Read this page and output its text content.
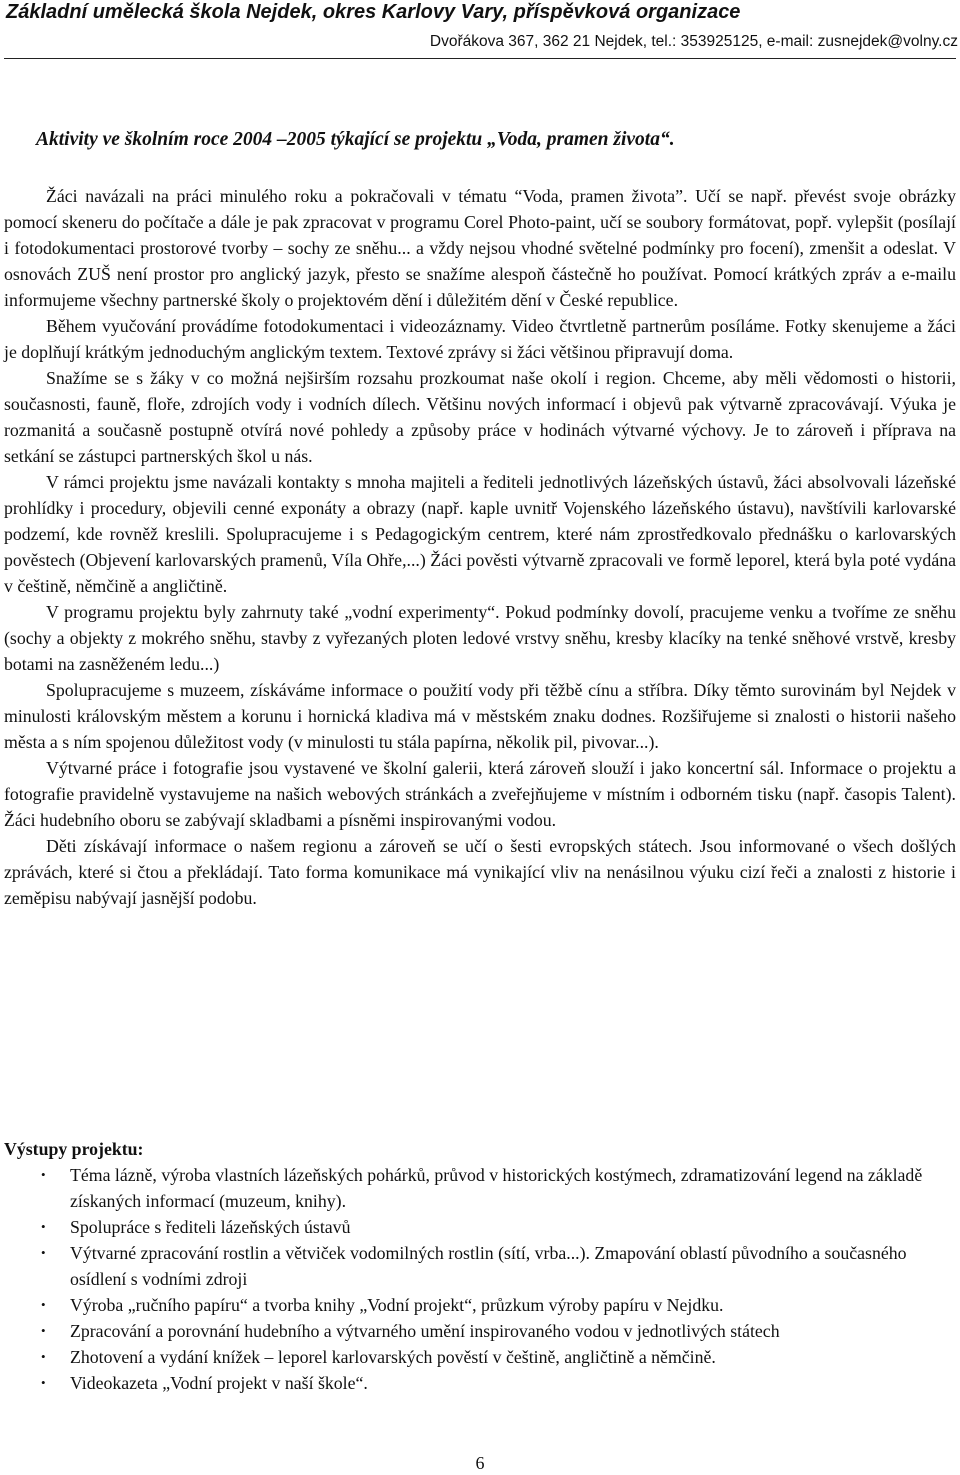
Základní umělecká škola Nejdek, okres Karlovy Vary, příspěvková organizace
Dvořákova 367, 362 21 Nejdek, tel.: 353925125, e-mail: zusnejdek@volny.cz
Aktivity ve školním roce 2004 –2005 týkající se projektu „Voda, pramen života“.

Žáci navázali na práci minulého roku a pokračovali v tématu “Voda, pramen života”. Učí se např. převést svoje obrázky pomocí skeneru do počítače a dále je pak zpracovat v programu Corel Photo-paint, učí se soubory formátovat, popř. vylepšit (posílají i fotodokumentaci prostorové tvorby – sochy ze sněhu... a vždy nejsou vhodné světelné podmínky pro focení), zmenšit a odeslat. V osnovách ZUŠ není prostor pro anglický jazyk, přesto se snažíme alespoň částečně ho používat. Pomocí krátkých zpráv a e-mailu informujeme všechny partnerské školy o projektovém dění i důležitém dění v České republice.

Během vyučování provádíme fotodokumentaci i videozáznamy. Video čtvrtletně partnerům posíláme. Fotky skenujeme a žáci je doplňují krátkým jednoduchým anglickým textem. Textové zprávy si žáci většinou připravují doma.

Snažíme se s žáky v co možná nejširším rozsahu prozkoumat naše okolí i region. Chceme, aby měli vědomosti o historii, současnosti, fauně, floře, zdrojích vody i vodních dílech. Většinu nových informací i objevů pak výtvarně zpracovávají. Výuka je rozmanitá a současně postupně otvírá nové pohledy a způsoby práce v hodinách výtvarné výchovy. Je to zároveň i příprava na setkání se zástupci partnerských škol u nás.

V rámci projektu jsme navázali kontakty s mnoha majiteli a řediteli jednotlivých lázeňských ústavů, žáci absolvovali lázeňské prohlídky i procedury, objevili cenné exponáty a obrazy (např. kaple uvnitř Vojenského lázeňského ústavu), navštívili karlovarské podzemí, kde rovněž kreslili. Spolupracujeme i s Pedagogickým centrem, které nám zprostředkovalo přednášku o karlovarských pověstech (Objevení karlovarských pramenů, Víla Ohře,...) Žáci pověsti výtvarně zpracovali ve formě leporel, která byla poté vydána v češtině, němčině a angličtině.

V programu projektu byly zahrnuty také „vodní experimenty“. Pokud podmínky dovolí, pracujeme venku a tvoříme ze sněhu (sochy a objekty z mokrého sněhu, stavby z vyřezaných ploten ledové vrstvy sněhu, kresby klacíky na tenké sněhové vrstvě, kresby botami na zasněženém ledu...)

Spolupracujeme s muzeem, získáváme informace o použití vody při těžbě cínu a stříbra. Díky těmto surovinám byl Nejdek v minulosti královským městem a korunu i hornická kladiva má v městském znaku dodnes. Rozšiřujeme si znalosti o historii našeho města a s ním spojenou důležitost vody (v minulosti tu stála papírna, několik pil, pivovar...).

Výtvarné práce i fotografie jsou vystavené ve školní galerii, která zároveň slouží i jako koncertní sál. Informace o projektu a fotografie pravidelně vystavujeme na našich webových stránkách a zveřejňujeme v místním i odborném tisku (např. časopis Talent). Žáci hudebního oboru se zabývají skladbami a písněmi inspirovanými vodou.

Děti získávají informace o našem regionu a zároveň se učí o šesti evropských státech. Jsou informované o všech došlých zprávách, které si čtou a překládají. Tato forma komunikace má vynikající vliv na nenásilnou výuku cizí řeči a znalosti z historie i zeměpisu nabývají jasnější podobu.

Výstupy projektu:

• Téma lázně, výroba vlastních lázeňských pohárků, průvod v historických kostýmech, zdramatizování legend na základě získaných informací (muzeum, knihy).
• Spolupráce s řediteli lázeňských ústavů
• Výtvarné zpracování rostlin a větviček vodomilných rostlin (sítí, vrba...). Zmapování oblastí původního a současného osídlení s vodními zdroji
• Výroba „ručního papíru“ a tvorba knihy „Vodní projekt“, průzkum výroby papíru v Nejdku.
• Zpracování a porovnání hudebního a výtvarného umění inspirovaného vodou v jednotlivých státech
• Zhotovení a vydání knížek – leporel karlovarských pověstí v češtině, angličtině a němčině.
• Videokazeta „Vodní projekt v naší škole“.
6
